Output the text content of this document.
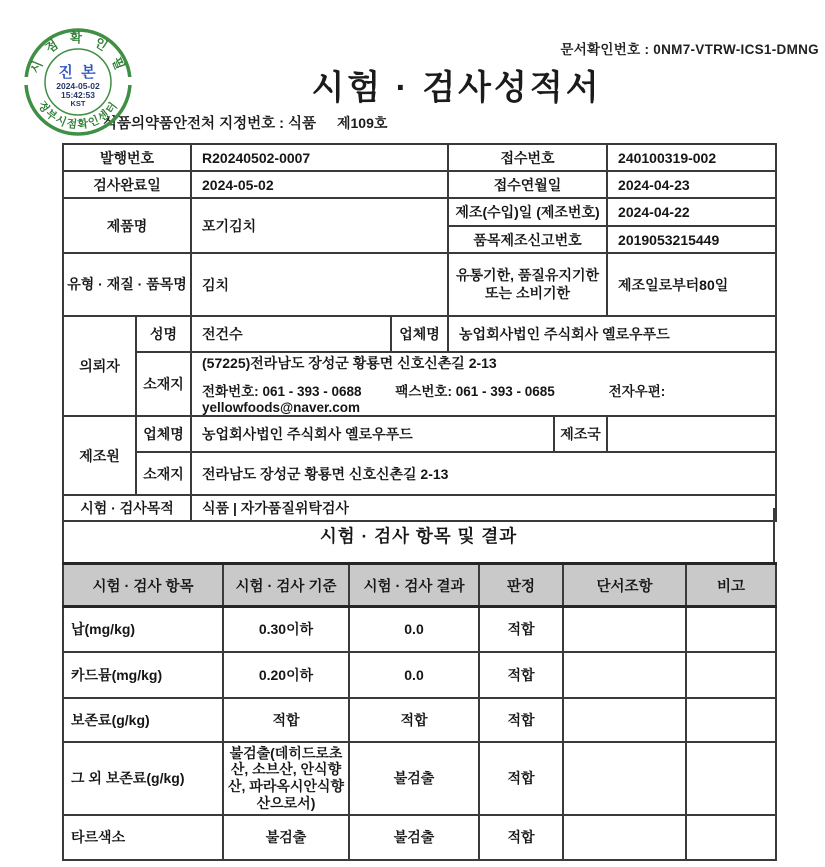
시 점 확 인 필
정부시점확인센터
진 본
2024-05-02
15:42:53
KST
문서확인번호 : 0NM7-VTRW-ICS1-DMNG
시험 · 검사성적서
식품의약품안전처 지정번호 : 식품 제109호
발행번호		R20240502-0007		접수번호		240100319-002
검사완료일		2024-05-02		접수연월일		2024-04-23
제품명		포기김치		제조(수입)일 (제조번호)		2024-04-22
				품목제조신고번호		2019053215449
유형 · 재질 · 품목명		김치		유통기한, 품질유지기한 또는 소비기한		제조일로부터80일
의뢰자	성명	전건수	업체명	농업회사법인 주식회사 옐로우푸드		
	소재지	(57225)전라남도 장성군 황룡면 신호신촌길 2-13
전화번호: 061 - 393 - 0688 팩스번호: 061 - 393 - 0685 전자우편: yellowfoods@naver.com				

제조원	업체명	농업회사법인 주식회사 옐로우푸드			제조국	
	소재지	전라남도 장성군 황룡면 신호신촌길 2-13				
시험 · 검사목적		식품 | 자가품질위탁검사				
시험 · 검사 항목 및 결과
시험 · 검사 항목	시험 · 검사 기준	시험 · 검사 결과	판정	단서조항	비고
납(mg/kg)	0.30이하	0.0	적합		
카드뮴(mg/kg)	0.20이하	0.0	적합		
보존료(g/kg)	적합	적합	적합		
그 외 보존료(g/kg)	불검출(데히드로초산, 소브산, 안식향산, 파라옥시안식향산으로서)	불검출	적합		
타르색소	불검출	불검출	적합		
